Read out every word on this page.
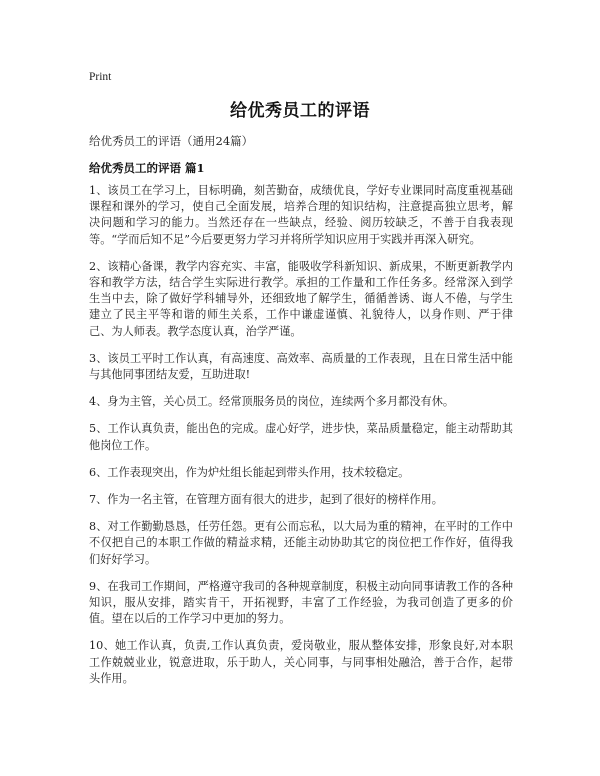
Print
给优秀员工的评语
给优秀员工的评语（通用24篇）
给优秀员工的评语 篇1

1、该员工在学习上，目标明确，刻苦勤奋，成绩优良，学好专业课同时高度重视基础课程和课外的学习，使自己全面发展，培养合理的知识结构，注意提高独立思考，解决问题和学习的能力。当然还存在一些缺点，经验、阅历较缺乏，不善于自我表现等。“学而后知不足”今后要更努力学习并将所学知识应用于实践并再深入研究。

2、该精心备课，教学内容充实、丰富，能吸收学科新知识、新成果，不断更新教学内容和教学方法，结合学生实际进行教学。承担的工作量和工作任务多。经常深入到学生当中去，除了做好学科辅导外，还细致地了解学生，循循善诱、诲人不倦，与学生建立了民主平等和谐的师生关系，工作中谦虚谨慎、礼貌待人，以身作则、严于律己、为人师表。教学态度认真，治学严谨。

3、该员工平时工作认真，有高速度、高效率、高质量的工作表现，且在日常生活中能与其他同事团结友爱，互助进取!

4、身为主管，关心员工。经常顶服务员的岗位，连续两个多月都没有休。

5、工作认真负责，能出色的完成。虚心好学，进步快，菜品质量稳定，能主动帮助其他岗位工作。

6、工作表现突出，作为炉灶组长能起到带头作用，技术较稳定。

7、作为一名主管，在管理方面有很大的进步，起到了很好的榜样作用。

8、对工作勤勤恳恳，任劳任怨。更有公而忘私，以大局为重的精神，在平时的工作中不仅把自己的本职工作做的精益求精，还能主动协助其它的岗位把工作作好，值得我们好好学习。

9、在我司工作期间，严格遵守我司的各种规章制度，积极主动向同事请教工作的各种知识，服从安排，踏实肯干，开拓视野，丰富了工作经验，为我司创造了更多的价值。望在以后的工作学习中更加的努力。

10、她工作认真，负责,工作认真负责，爱岗敬业，服从整体安排，形象良好,对本职工作兢兢业业，锐意进取，乐于助人，关心同事，与同事相处融洽，善于合作，起带头作用。
